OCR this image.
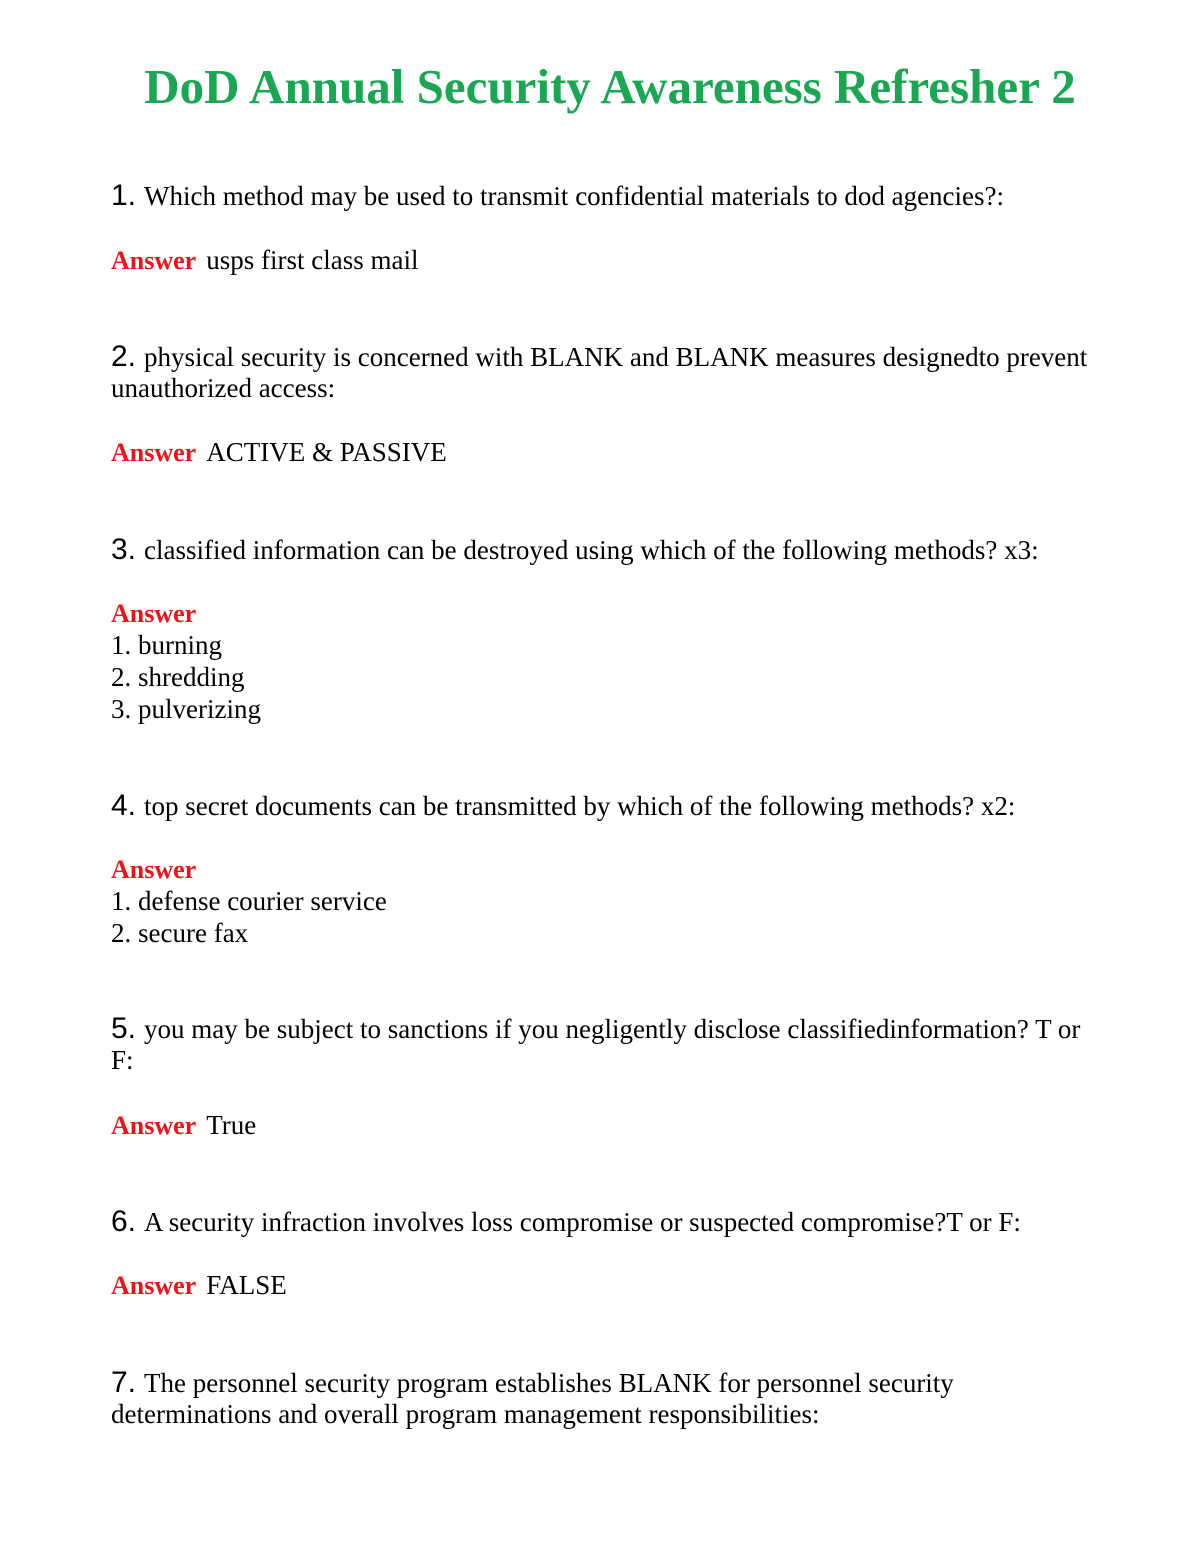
DoD Annual Security Awareness Refresher 2
1. Which method may be used to transmit confidential materials to dod agencies?:
Answer usps first class mail
2. physical security is concerned with BLANK and BLANK measures designedto prevent unauthorized access:
Answer ACTIVE & PASSIVE
3. classified information can be destroyed using which of the following methods? x3:
Answer
1. burning
2. shredding
3. pulverizing
4. top secret documents can be transmitted by which of the following methods? x2:
Answer
1. defense courier service
2. secure fax
5. you may be subject to sanctions if you negligently disclose classifiedinformation? T or F:
Answer True
6. A security infraction involves loss compromise or suspected compromise?T or F:
Answer FALSE
7. The personnel security program establishes BLANK for personnel security determinations and overall program management responsibilities:
